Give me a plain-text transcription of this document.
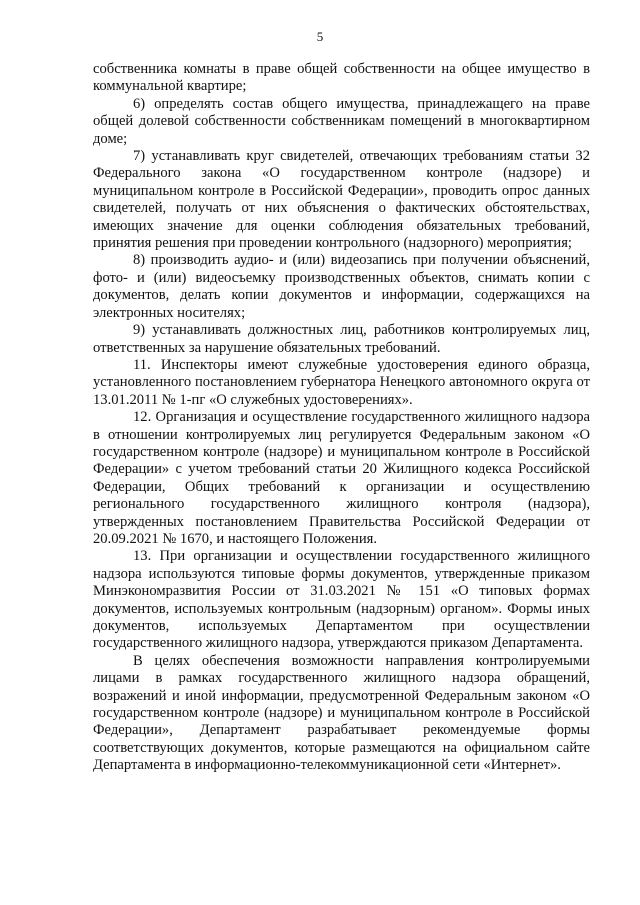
5

собственника комнаты в праве общей собственности на общее имущество в коммунальной квартире;

6) определять состав общего имущества, принадлежащего на праве общей долевой собственности собственникам помещений в многоквартирном доме;

7) устанавливать круг свидетелей, отвечающих требованиям статьи 32 Федерального закона «О государственном контроле (надзоре) и муниципальном контроле в Российской Федерации», проводить опрос данных свидетелей, получать от них объяснения о фактических обстоятельствах, имеющих значение для оценки соблюдения обязательных требований, принятия решения при проведении контрольного (надзорного) мероприятия;

8) производить аудио- и (или) видеозапись при получении объяснений, фото- и (или) видеосъемку производственных объектов, снимать копии с документов, делать копии документов и информации, содержащихся на электронных носителях;

9) устанавливать должностных лиц, работников контролируемых лиц, ответственных за нарушение обязательных требований.

11. Инспекторы имеют служебные удостоверения единого образца, установленного постановлением губернатора Ненецкого автономного округа от 13.01.2011 № 1-пг «О служебных удостоверениях».

12. Организация и осуществление государственного жилищного надзора в отношении контролируемых лиц регулируется Федеральным законом «О государственном контроле (надзоре) и муниципальном контроле в Российской Федерации» с учетом требований статьи 20 Жилищного кодекса Российской Федерации, Общих требований к организации и осуществлению регионального государственного жилищного контроля (надзора), утвержденных постановлением Правительства Российской Федерации от 20.09.2021 № 1670, и настоящего Положения.

13. При организации и осуществлении государственного жилищного надзора используются типовые формы документов, утвержденные приказом Минэкономразвития России от 31.03.2021 № 151 «О типовых формах документов, используемых контрольным (надзорным) органом». Формы иных документов, используемых Департаментом при осуществлении государственного жилищного надзора, утверждаются приказом Департамента.

В целях обеспечения возможности направления контролируемыми лицами в рамках государственного жилищного надзора обращений, возражений и иной информации, предусмотренной Федеральным законом «О государственном контроле (надзоре) и муниципальном контроле в Российской Федерации», Департамент разрабатывает рекомендуемые формы соответствующих документов, которые размещаются на официальном сайте Департамента в информационно-телекоммуникационной сети «Интернет».
